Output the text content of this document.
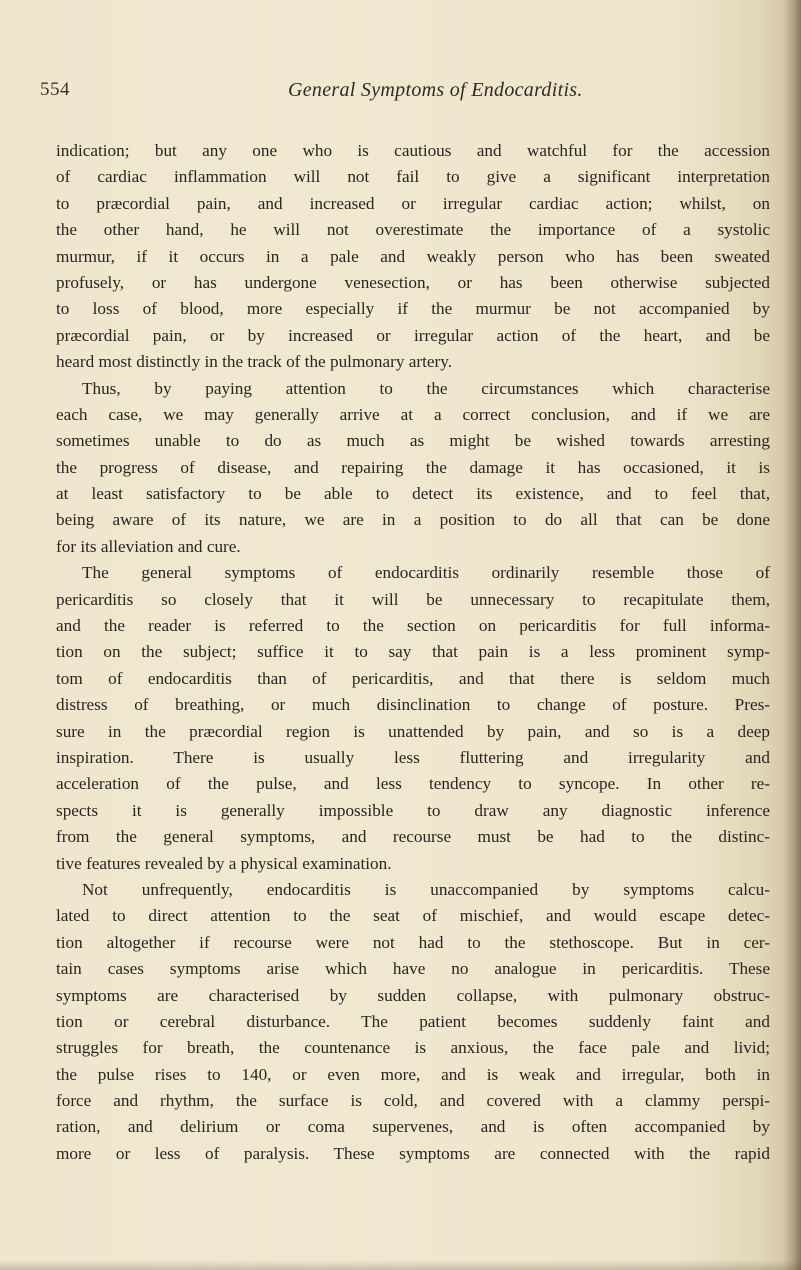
554	General Symptoms of Endocarditis.
indication; but any one who is cautious and watchful for the accession
of cardiac inflammation will not fail to give a significant interpretation
to præcordial pain, and increased or irregular cardiac action; whilst, on
the other hand, he will not overestimate the importance of a systolic
murmur, if it occurs in a pale and weakly person who has been sweated
profusely, or has undergone venesection, or has been otherwise subjected
to loss of blood, more especially if the murmur be not accompanied by
præcordial pain, or by increased or irregular action of the heart, and be
heard most distinctly in the track of the pulmonary artery.
Thus, by paying attention to the circumstances which characterise
each case, we may generally arrive at a correct conclusion, and if we are
sometimes unable to do as much as might be wished towards arresting
the progress of disease, and repairing the damage it has occasioned, it is
at least satisfactory to be able to detect its existence, and to feel that,
being aware of its nature, we are in a position to do all that can be done
for its alleviation and cure.
The general symptoms of endocarditis ordinarily resemble those of
pericarditis so closely that it will be unnecessary to recapitulate them,
and the reader is referred to the section on pericarditis for full informa-
tion on the subject; suffice it to say that pain is a less prominent symp-
tom of endocarditis than of pericarditis, and that there is seldom much
distress of breathing, or much disinclination to change of posture. Pres-
sure in the præcordial region is unattended by pain, and so is a deep
inspiration. There is usually less fluttering and irregularity and
acceleration of the pulse, and less tendency to syncope. In other re-
spects it is generally impossible to draw any diagnostic inference
from the general symptoms, and recourse must be had to the distinc-
tive features revealed by a physical examination.
Not unfrequently, endocarditis is unaccompanied by symptoms calcu-
lated to direct attention to the seat of mischief, and would escape detec-
tion altogether if recourse were not had to the stethoscope. But in cer-
tain cases symptoms arise which have no analogue in pericarditis. These
symptoms are characterised by sudden collapse, with pulmonary obstruc-
tion or cerebral disturbance. The patient becomes suddenly faint and
struggles for breath, the countenance is anxious, the face pale and livid;
the pulse rises to 140, or even more, and is weak and irregular, both in
force and rhythm, the surface is cold, and covered with a clammy perspi-
ration, and delirium or coma supervenes, and is often accompanied by
more or less of paralysis. These symptoms are connected with the rapid
